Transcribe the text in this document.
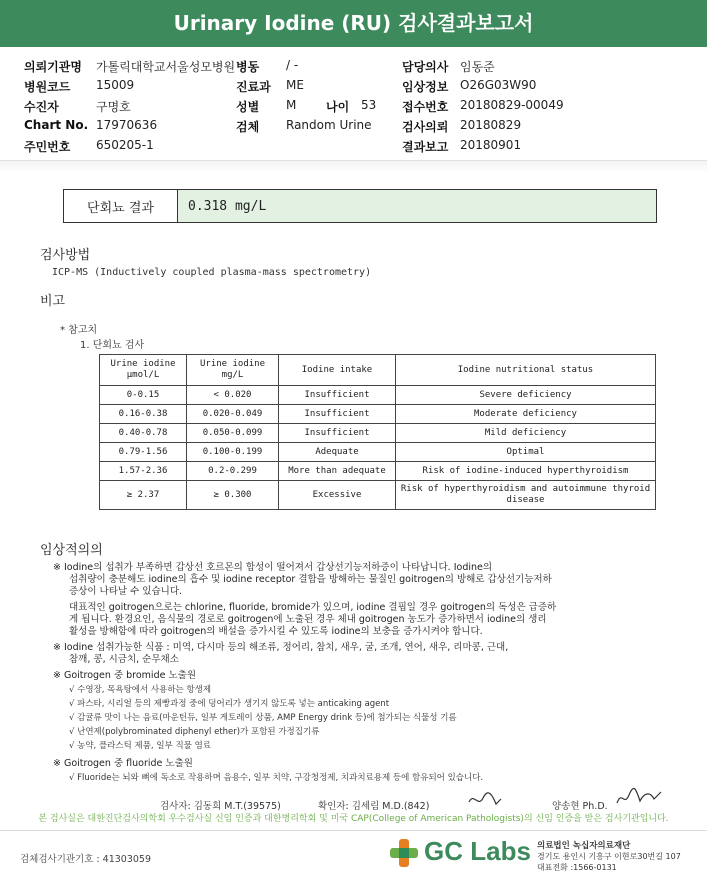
Urinary Iodine (RU) 검사결과보고서
의뢰기관명 가톨릭대학교서울성모병원 병동 / -	담당의사 임동준
병원코드 15009	진료과 ME	임상정보 O26G03W90
수진자	구명호	성별 M 나이 53 접수번호 20180829-00049
Chart No. 17970636	검체 Random Urine	검사의뢰 20180829
주민번호 650205-1	결과보고 20180901
단회뇨 결과	0.318 mg/L
검사방법
ICP-MS (Inductively coupled plasma-mass spectrometry)
비고
* 참고치
1. 단회뇨 검사
Urine iodine μmol/L	Urine iodine mg/L	Iodine intake	Iodine nutritional status
0-0.15	< 0.020	Insufficient	Severe deficiency
0.16-0.38	0.020-0.049	Insufficient	Moderate deficiency
0.40-0.78	0.050-0.099	Insufficient	Mild deficiency
0.79-1.56	0.100-0.199	Adequate	Optimal
1.57-2.36	0.2-0.299	More than adequate	Risk of iodine-induced hyperthyroidism
≥ 2.37	≥ 0.300	Excessive	Risk of hyperthyroidism and autoimmune thyroid disease
임상적의의
※ Iodine의 섭취가 부족하면 갑상선 호르몬의 합성이 떨어져서 갑상선기능저하증이 나타납니다. Iodine의
섭취량이 충분해도 iodine의 흡수 및 iodine receptor 결합을 방해하는 물질인 goitrogen의 방해로 갑상선기능저하
증상이 나타날 수 있습니다.
대표적인 goitrogen으로는 chlorine, fluoride, bromide가 있으며, iodine 결핍일 경우 goitrogen의 독성은 급증하
게 됩니다. 환경요인, 음식물의 경로로 goitrogen에 노출된 경우 체내 goitrogen 농도가 증가하면서 iodine의 생리
활성을 방해함에 따라 goitrogen의 배설을 증가시킬 수 있도록 iodine의 보충을 증가시켜야 합니다.
※ Iodine 섭취가능한 식품 : 미역, 다시마 등의 해조류, 정어리, 참치, 새우, 굴, 조개, 연어, 새우, 리마콩, 근대,
참깨, 콩, 시금치, 순무채소
※ Goitrogen 중 bromide 노출원
√ 수영장, 목욕탕에서 사용하는 항생제
√ 파스타, 시리얼 등의 제빵과정 중에 덩어리가 생기지 않도록 넣는 anticaking agent
√ 감귤류 맛이 나는 음료(마운틴듀, 일부 게토레이 상품, AMP Energy drink 등)에 첨가되는 식물성 기름
√ 난연제(polybrominated diphenyl ether)가 포함된 가정집기류
√ 농약, 플라스틱 제품, 일부 직물 염료
※ Goitrogen 중 fluoride 노출원
√ Fluoride는 뇌와 뼈에 독소로 작용하며 음용수, 일부 치약, 구강청정제, 치과치료용제 등에 함유되어 있습니다.
검사자: 김동희 M.T.(39575)	확인자: 김세림 M.D.(842)	양송현 Ph.D.
본 검사실은 대한진단검사의학회 우수검사실 신임 인증과 대한병리학회 및 미국 CAP(College of American Pathologists)의 신임 인증을 받은 검사기관입니다.
검체검사기관기호 : 41303059	GC Labs 의료법인 녹십자의료재단
경기도 용인시 기흥구 이현로30번길 107
대표전화 :1566-0131
